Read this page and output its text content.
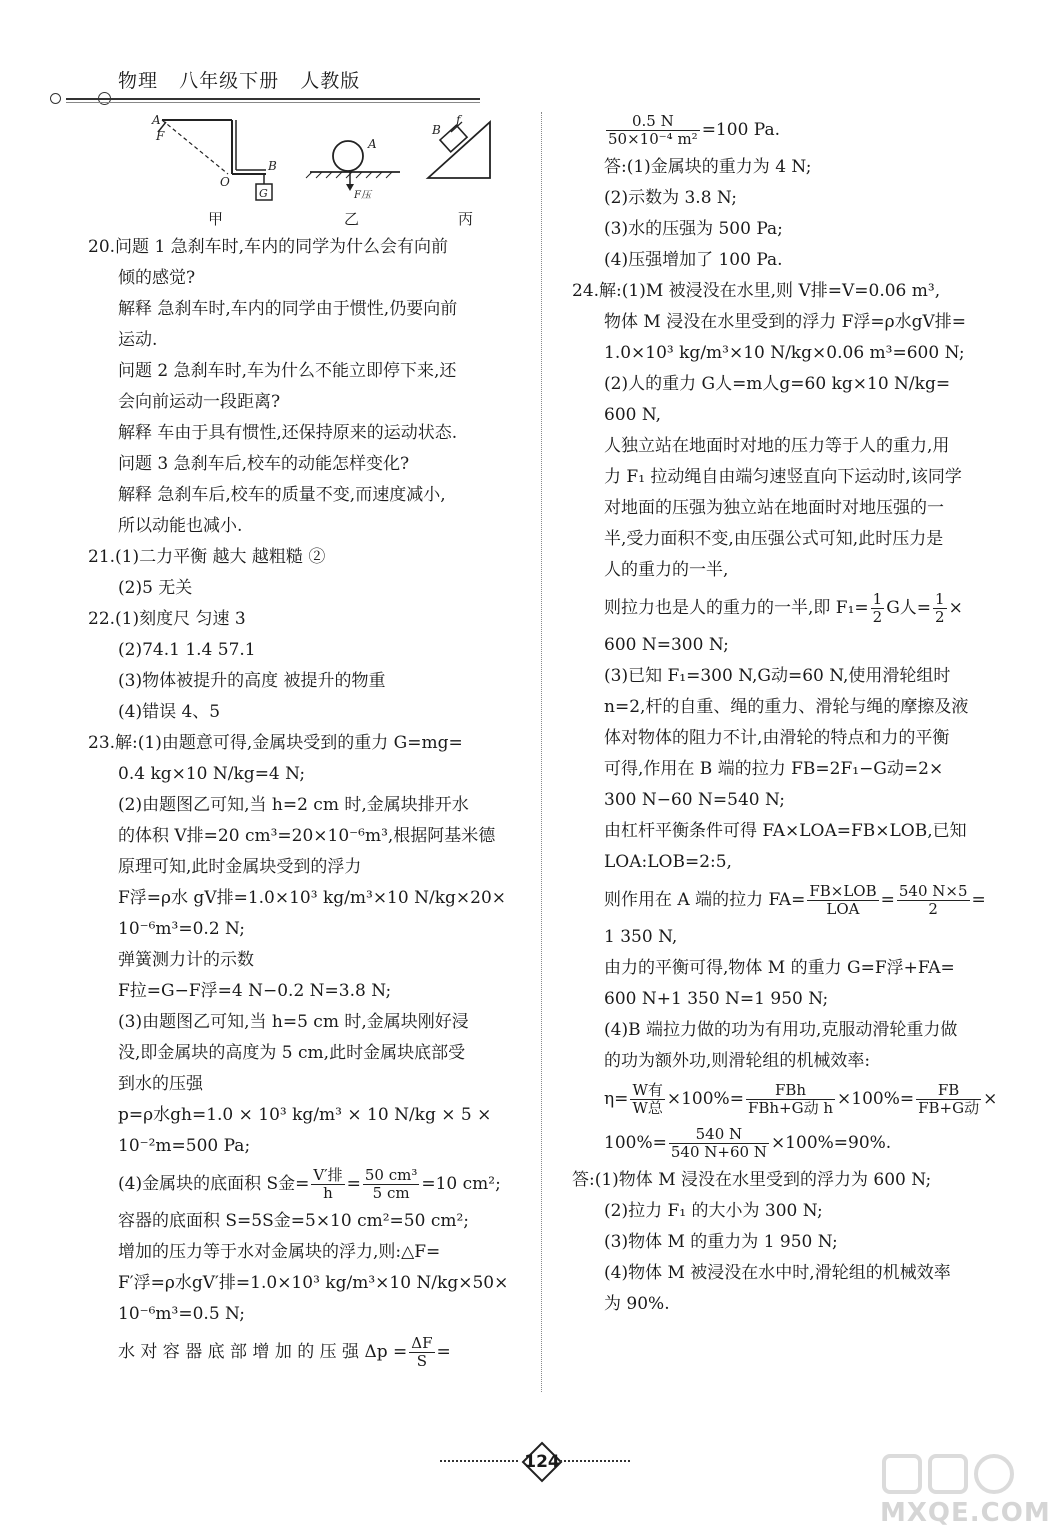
物理   八年级下册   人教版
A
F
O
B
G
A
F压
B
f
甲	乙	丙
20.问题 1 急刹车时,车内的同学为什么会有向前
倾的感觉?
解释 急刹车时,车内的同学由于惯性,仍要向前
运动.
问题 2 急刹车时,车为什么不能立即停下来,还
会向前运动一段距离?
解释 车由于具有惯性,还保持原来的运动状态.
问题 3 急刹车后,校车的动能怎样变化?
解释 急刹车后,校车的质量不变,而速度减小,
所以动能也减小.
21.(1)二力平衡 越大 越粗糙 ②
(2)5 无关
22.(1)刻度尺 匀速 3
(2)74.1 1.4 57.1
(3)物体被提升的高度 被提升的物重
(4)错误 4、5
23.解:(1)由题意可得,金属块受到的重力 G=mg=
0.4 kg×10 N/kg=4 N;
(2)由题图乙可知,当 h=2 cm 时,金属块排开水
的体积 V排=20 cm³=20×10⁻⁶m³,根据阿基米德
原理可知,此时金属块受到的浮力
F浮=ρ水 gV排=1.0×10³ kg/m³×10 N/kg×20×
10⁻⁶m³=0.2 N;
弹簧测力计的示数
F拉=G−F浮=4 N−0.2 N=3.8 N;
(3)由题图乙可知,当 h=5 cm 时,金属块刚好浸
没,即金属块的高度为 5 cm,此时金属块底部受
到水的压强
p=ρ水gh=1.0 × 10³ kg/m³ × 10 N/kg × 5 ×
10⁻²m=500 Pa;
(4)金属块的底面积 S金= $\frac{\text{V′排}}{h} = \frac{\text{50 cm³}}{5 cm} =10$ cm²;
容器的底面积 S=5S金=5×10 cm²=50 cm²;
增加的压力等于水对金属块的浮力,则:△F=
F′浮=ρ水gV′排=1.0×10³ kg/m³×10 N/kg×50×
10⁻⁶m³=0.5 N;
水 对 容 器 底 部 增 加 的 压 强 $\Delta p = \frac{\Delta F}{S}$ =
$\frac{0.5 N}{\text{50×10⁻⁴ m²}} =100$ Pa.
答:(1)金属块的重力为 4 N;
(2)示数为 3.8 N;
(3)水的压强为 500 Pa;
(4)压强增加了 100 Pa.
24.解:(1)M 被浸没在水里,则 V排=V=0.06 m³,
物体 M 浸没在水里受到的浮力 F浮=ρ水gV排=
1.0×10³ kg/m³×10 N/kg×0.06 m³=600 N;
(2)人的重力 G人=m人g=60 kg×10 N/kg=
600 N,
人独立站在地面时对地的压力等于人的重力,用
力 F₁ 拉动绳自由端匀速竖直向下运动时,该同学
对地面的压强为独立站在地面时对地压强的一
半,受力面积不变,由压强公式可知,此时压力是
人的重力的一半,
则拉力也是人的重力的一半,即 $F_1= \frac{1}{2}$ G人= $\frac{1}{2}$ ×
600 N=300 N;
(3)已知 F₁=300 N,G动=60 N,使用滑轮组时
n=2,杆的自重、绳的重力、滑轮与绳的摩擦及液
体对物体的阻力不计,由滑轮的特点和力的平衡
可得,作用在 B 端的拉力 FB=2F₁−G动=2×
300 N−60 N=540 N;
由杠杆平衡条件可得 FA×LOA=FB×LOB,已知
LOA:LOB=2:5,
则作用在 A 端的拉力 $FA= \frac{\text{FB×LOB}}{\text{LOA}} = \frac{540 N\times 5}{2}$ =
1 350 N,
由力的平衡可得,物体 M 的重力 G=F浮+FA=
600 N+1 350 N=1 950 N;
(4)B 端拉力做的功为有用功,克服动滑轮重力做
的功为额外功,则滑轮组的机械效率:
$\eta= \frac{\text{W有}}{\text{W总}} \times 100\%= \frac{\text{FBh}}{\text{FBh+G动 h}} \times 100\%= \frac{FB}{\text{FB+G动}}$ ×
$100\%= \frac{540 N}{540 N+60 N} \times 100\%=90\%$.
答:(1)物体 M 浸没在水里受到的浮力为 600 N;
(2)拉力 F₁ 的大小为 300 N;
(3)物体 M 的重力为 1 950 N;
(4)物体 M 被浸没在水中时,滑轮组的机械效率
为 90%.
124
MXQE.COM
